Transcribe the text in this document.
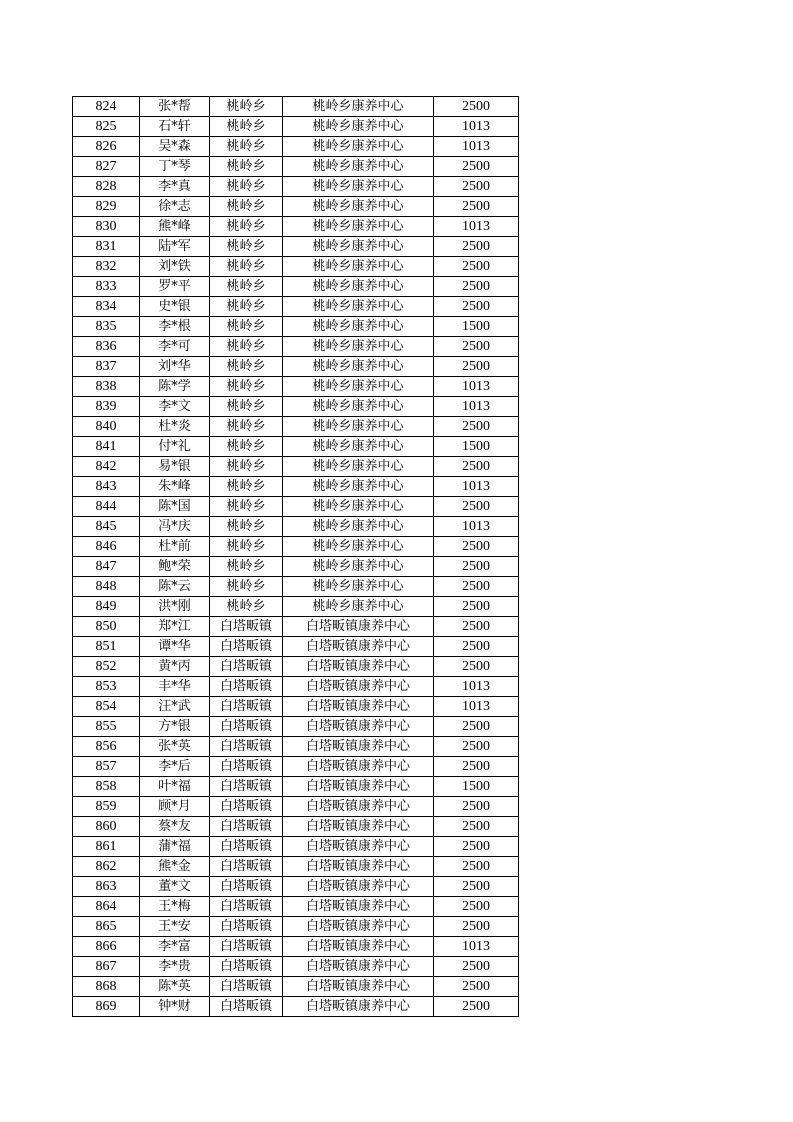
824	张*帮	桃岭乡	桃岭乡康养中心	2500
825	石*轩	桃岭乡	桃岭乡康养中心	1013
826	吴*森	桃岭乡	桃岭乡康养中心	1013
827	丁*琴	桃岭乡	桃岭乡康养中心	2500
828	李*真	桃岭乡	桃岭乡康养中心	2500
829	徐*志	桃岭乡	桃岭乡康养中心	2500
830	熊*峰	桃岭乡	桃岭乡康养中心	1013
831	陆*军	桃岭乡	桃岭乡康养中心	2500
832	刘*铁	桃岭乡	桃岭乡康养中心	2500
833	罗*平	桃岭乡	桃岭乡康养中心	2500
834	史*银	桃岭乡	桃岭乡康养中心	2500
835	李*根	桃岭乡	桃岭乡康养中心	1500
836	李*可	桃岭乡	桃岭乡康养中心	2500
837	刘*华	桃岭乡	桃岭乡康养中心	2500
838	陈*学	桃岭乡	桃岭乡康养中心	1013
839	李*文	桃岭乡	桃岭乡康养中心	1013
840	杜*炎	桃岭乡	桃岭乡康养中心	2500
841	付*礼	桃岭乡	桃岭乡康养中心	1500
842	易*银	桃岭乡	桃岭乡康养中心	2500
843	朱*峰	桃岭乡	桃岭乡康养中心	1013
844	陈*国	桃岭乡	桃岭乡康养中心	2500
845	冯*庆	桃岭乡	桃岭乡康养中心	1013
846	杜*前	桃岭乡	桃岭乡康养中心	2500
847	鲍*荣	桃岭乡	桃岭乡康养中心	2500
848	陈*云	桃岭乡	桃岭乡康养中心	2500
849	洪*刚	桃岭乡	桃岭乡康养中心	2500
850	郑*江	白塔畈镇	白塔畈镇康养中心	2500
851	谭*华	白塔畈镇	白塔畈镇康养中心	2500
852	黄*丙	白塔畈镇	白塔畈镇康养中心	2500
853	丰*华	白塔畈镇	白塔畈镇康养中心	1013
854	汪*武	白塔畈镇	白塔畈镇康养中心	1013
855	方*银	白塔畈镇	白塔畈镇康养中心	2500
856	张*英	白塔畈镇	白塔畈镇康养中心	2500
857	李*后	白塔畈镇	白塔畈镇康养中心	2500
858	叶*福	白塔畈镇	白塔畈镇康养中心	1500
859	顾*月	白塔畈镇	白塔畈镇康养中心	2500
860	蔡*友	白塔畈镇	白塔畈镇康养中心	2500
861	蒲*福	白塔畈镇	白塔畈镇康养中心	2500
862	熊*金	白塔畈镇	白塔畈镇康养中心	2500
863	董*文	白塔畈镇	白塔畈镇康养中心	2500
864	王*梅	白塔畈镇	白塔畈镇康养中心	2500
865	王*安	白塔畈镇	白塔畈镇康养中心	2500
866	李*富	白塔畈镇	白塔畈镇康养中心	1013
867	李*贵	白塔畈镇	白塔畈镇康养中心	2500
868	陈*英	白塔畈镇	白塔畈镇康养中心	2500
869	钟*财	白塔畈镇	白塔畈镇康养中心	2500
